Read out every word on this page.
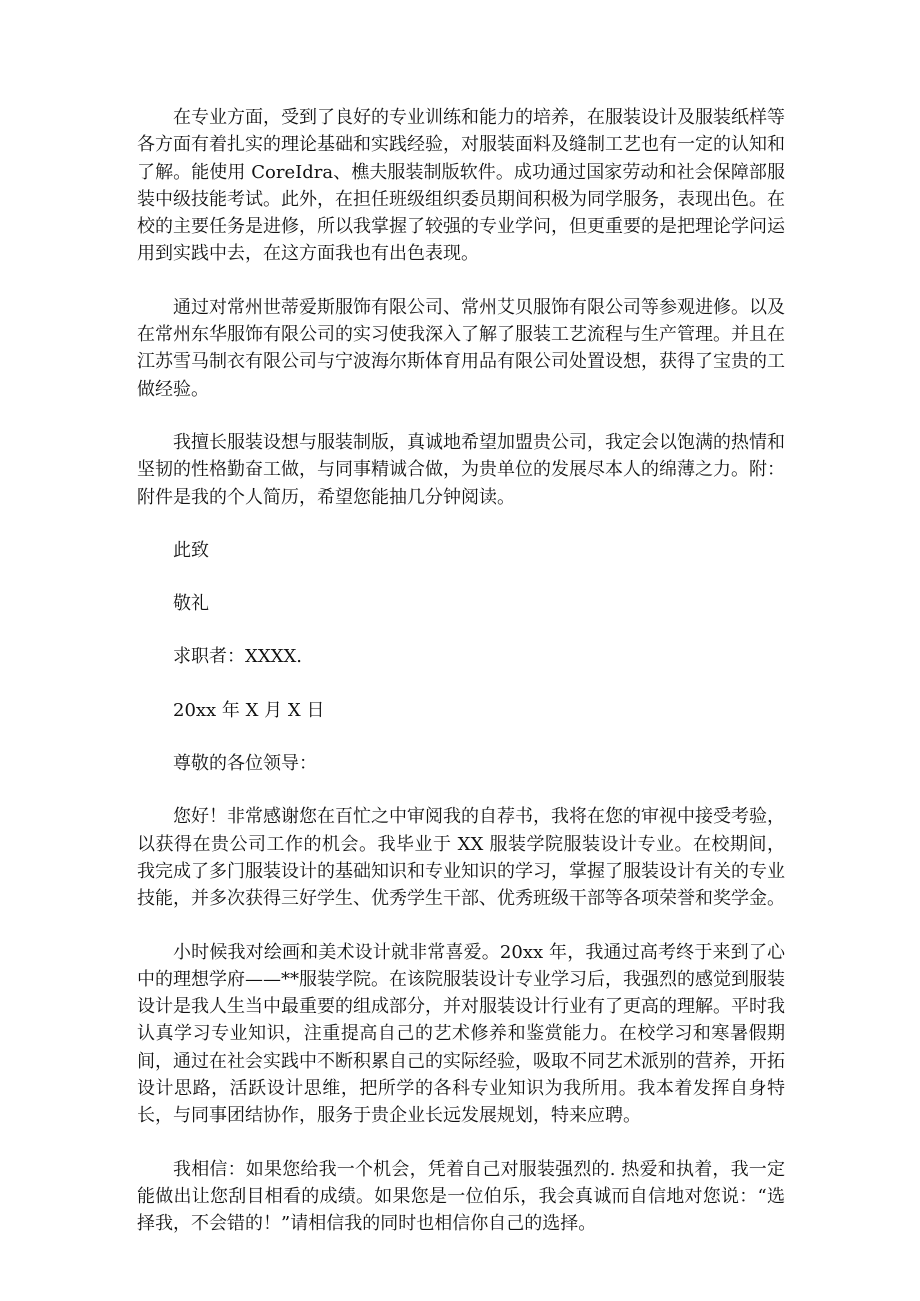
在专业方面，受到了良好的专业训练和能力的培养，在服装设计及服装纸样等各方面有着扎实的理论基础和实践经验，对服装面料及缝制工艺也有一定的认知和了解。能使用 CoreIdra、樵夫服装制版软件。成功通过国家劳动和社会保障部服装中级技能考试。此外，在担任班级组织委员期间积极为同学服务，表现出色。在校的主要任务是进修，所以我掌握了较强的专业学问，但更重要的是把理论学问运用到实践中去，在这方面我也有出色表现。

通过对常州世蒂爱斯服饰有限公司、常州艾贝服饰有限公司等参观进修。以及在常州东华服饰有限公司的实习使我深入了解了服装工艺流程与生产管理。并且在江苏雪马制衣有限公司与宁波海尔斯体育用品有限公司处置设想，获得了宝贵的工做经验。

我擅长服装设想与服装制版，真诚地希望加盟贵公司，我定会以饱满的热情和坚韧的性格勤奋工做，与同事精诚合做，为贵单位的发展尽本人的绵薄之力。附：附件是我的个人简历，希望您能抽几分钟阅读。

此致
敬礼
求职者：XXXX.
20xx 年 X 月 X 日
尊敬的各位领导：

您好！非常感谢您在百忙之中审阅我的自荐书，我将在您的审视中接受考验，以获得在贵公司工作的机会。我毕业于 XX 服装学院服装设计专业。在校期间，我完成了多门服装设计的基础知识和专业知识的学习，掌握了服装设计有关的专业技能，并多次获得三好学生、优秀学生干部、优秀班级干部等各项荣誉和奖学金。

小时候我对绘画和美术设计就非常喜爱。20xx 年，我通过高考终于来到了心中的理想学府——**服装学院。在该院服装设计专业学习后，我强烈的感觉到服装设计是我人生当中最重要的组成部分，并对服装设计行业有了更高的理解。平时我认真学习专业知识，注重提高自己的艺术修养和鉴赏能力。在校学习和寒暑假期间，通过在社会实践中不断积累自己的实际经验，吸取不同艺术派别的营养，开拓设计思路，活跃设计思维，把所学的各科专业知识为我所用。我本着发挥自身特长，与同事团结协作，服务于贵企业长远发展规划，特来应聘。

我相信：如果您给我一个机会，凭着自己对服装强烈的. 热爱和执着，我一定能做出让您刮目相看的成绩。如果您是一位伯乐，我会真诚而自信地对您说：“选择我，不会错的！”请相信我的同时也相信你自己的选择。
